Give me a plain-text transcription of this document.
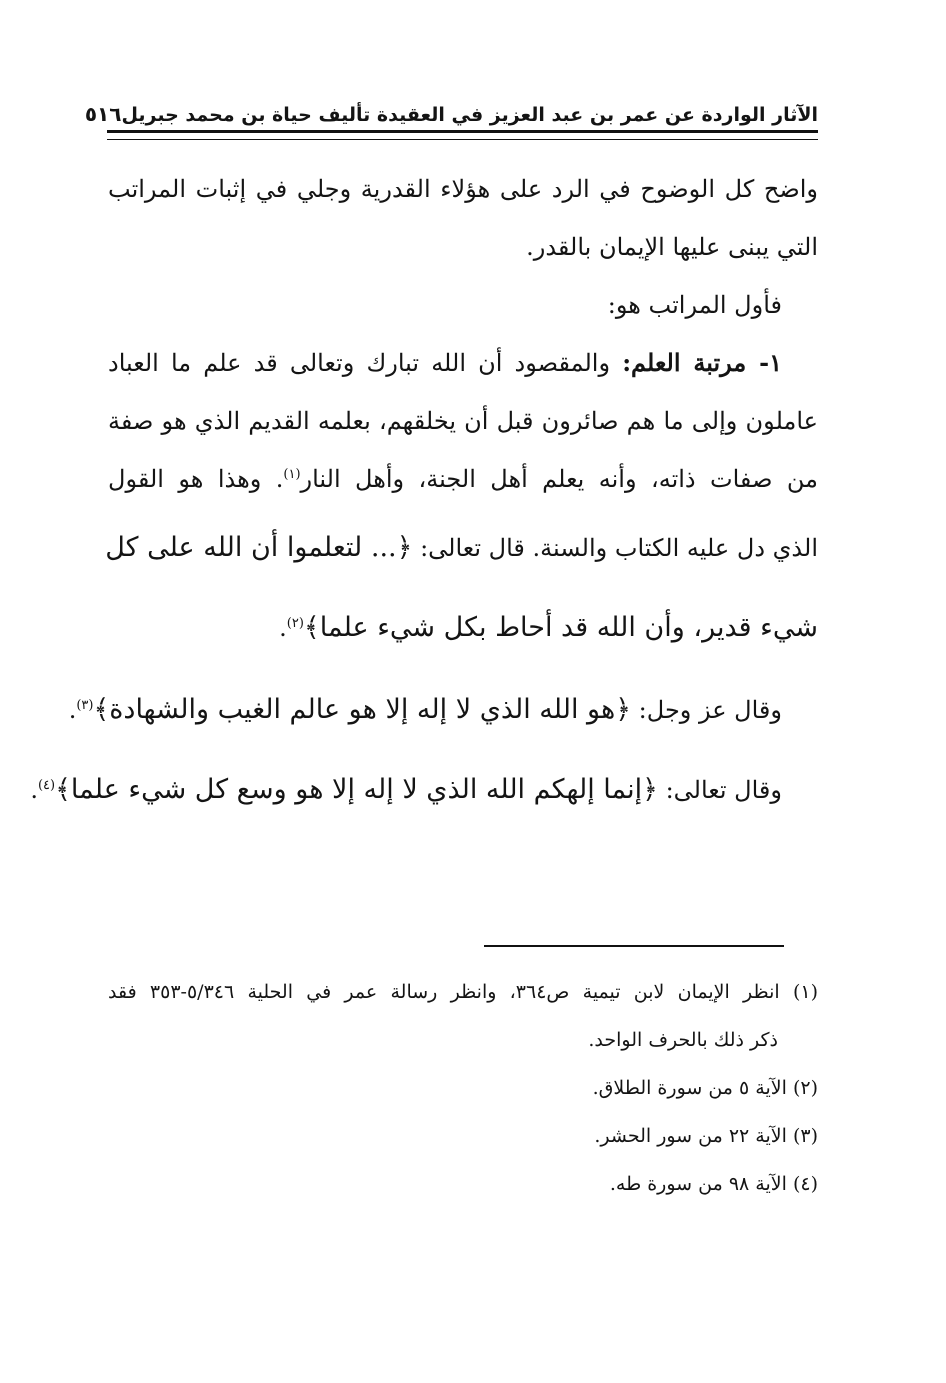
الآثار الواردة عن عمر بن عبد العزيز في العقيدة تأليف حياة بن محمد جبريل
٥١٦
واضح كل الوضوح في الرد على هؤلاء القدرية وجلي في إثبات المراتب
التي يبنى عليها الإيمان بالقدر.
فأول المراتب هو:
١- مرتبة العلم: والمقصود أن الله تبارك وتعالى قد علم ما العباد
عاملون وإلى ما هم صائرون قبل أن يخلقهم، بعلمه القديم الذي هو صفة
من صفات ذاته، وأنه يعلم أهل الجنة، وأهل النار$^{(١)}$. وهذا هو القول
الذي دل عليه الكتاب والسنة. قال تعالى: ﴿... لتعلموا أن الله على كل
شيء قدير، وأن الله قد أحاط بكل شيء علما﴾$^{(٢)}$.
وقال عز وجل: ﴿هو الله الذي لا إله إلا هو عالم الغيب والشهادة﴾$^{(٣)}$.
وقال تعالى: ﴿إنما إلهكم الله الذي لا إله إلا هو وسع كل شيء علما﴾$^{(٤)}$.
(١) انظر الإيمان لابن تيمية ص٣٦٤، وانظر رسالة عمر في الحلية ٥/٣٤٦-٣٥٣ فقد
ذكر ذلك بالحرف الواحد.
(٢) الآية ٥ من سورة الطلاق.
(٣) الآية ٢٢ من سور الحشر.
(٤) الآية ٩٨ من سورة طه.
